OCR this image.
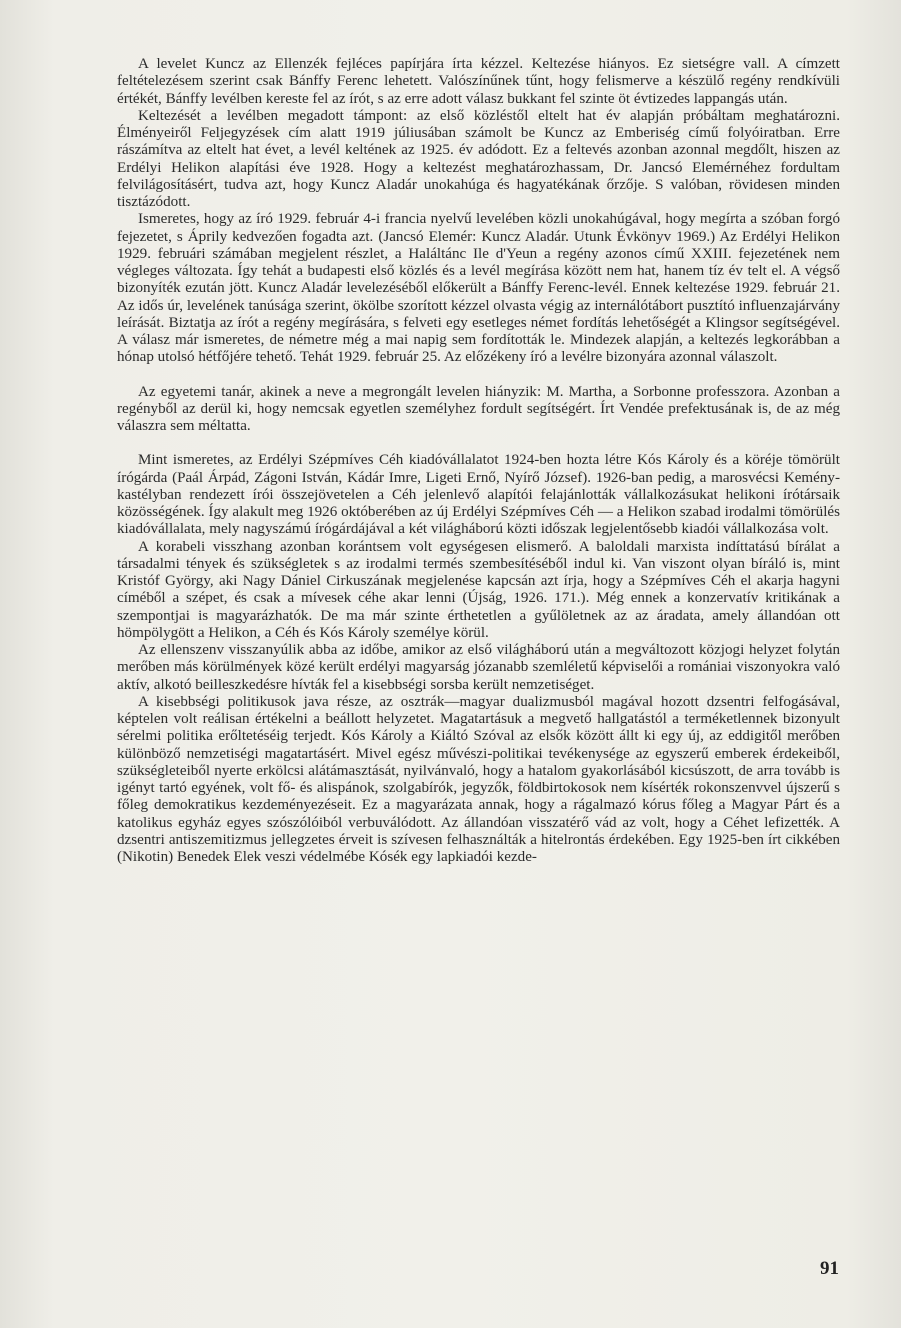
A levelet Kuncz az Ellenzék fejléces papírjára írta kézzel. Keltezése hiányos. Ez sietségre vall. A címzett feltételezésem szerint csak Bánffy Ferenc lehetett. Valószínűnek tűnt, hogy felismerve a készülő regény rendkívüli értékét, Bánffy levélben kereste fel az írót, s az erre adott válasz bukkant fel szinte öt évtizedes lappangás után.

Keltezését a levélben megadott támpont: az első közléstől eltelt hat év alapján próbáltam meghatározni. Élményeiről Feljegyzések cím alatt 1919 júliusában számolt be Kuncz az Emberiség című folyóiratban. Erre rászámítva az eltelt hat évet, a levél keltének az 1925. év adódott. Ez a feltevés azonban azonnal megdőlt, hiszen az Erdélyi Helikon alapítási éve 1928. Hogy a keltezést meghatározhassam, Dr. Jancsó Elemérnéhez fordultam felvilágosításért, tudva azt, hogy Kuncz Aladár unokahúga és hagyatékának őrzője. S valóban, rövidesen minden tisztázódott.

Ismeretes, hogy az író 1929. február 4-i francia nyelvű levelében közli unokahúgával, hogy megírta a szóban forgó fejezetet, s Áprily kedvezően fogadta azt. (Jancsó Elemér: Kuncz Aladár. Utunk Évkönyv 1969.) Az Erdélyi Helikon 1929. februári számában megjelent részlet, a Haláltánc Ile d'Yeun a regény azonos című XXIII. fejezetének nem végleges változata. Így tehát a budapesti első közlés és a levél megírása között nem hat, hanem tíz év telt el. A végső bizonyíték ezután jött. Kuncz Aladár levelezéséből előkerült a Bánffy Ferenc-levél. Ennek keltezése 1929. február 21. Az idős úr, levelének tanúsága szerint, ökölbe szorított kézzel olvasta végig az internálótábort pusztító influenzajárvány leírását. Biztatja az írót a regény megírására, s felveti egy esetleges német fordítás lehetőségét a Klingsor segítségével. A válasz már ismeretes, de németre még a mai napig sem fordították le. Mindezek alapján, a keltezés legkorábban a hónap utolsó hétfőjére tehető. Tehát 1929. február 25. Az előzékeny író a levélre bizonyára azonnal válaszolt.

Az egyetemi tanár, akinek a neve a megrongált levelen hiányzik: M. Martha, a Sorbonne professzora. Azonban a regényből az derül ki, hogy nemcsak egyetlen személyhez fordult segítségért. Írt Vendée prefektusának is, de az még válaszra sem méltatta.

Mint ismeretes, az Erdélyi Szépmíves Céh kiadóvállalatot 1924-ben hozta létre Kós Károly és a köréje tömörült írógárda (Paál Árpád, Zágoni István, Kádár Imre, Ligeti Ernő, Nyírő József). 1926-ban pedig, a marosvécsi Kemény-kastélyban rendezett írói összejövetelen a Céh jelenlevő alapítói felajánlották vállalkozásukat helikoni írótársaik közösségének. Így alakult meg 1926 októberében az új Erdélyi Szépmíves Céh — a Helikon szabad irodalmi tömörülés kiadóvállalata, mely nagyszámú írógárdájával a két világháború közti időszak legjelentősebb kiadói vállalkozása volt.

A korabeli visszhang azonban korántsem volt egységesen elismerő. A baloldali marxista indíttatású bírálat a társadalmi tények és szükségletek s az irodalmi termés szembesítéséből indul ki. Van viszont olyan bíráló is, mint Kristóf György, aki Nagy Dániel Cirkuszának megjelenése kapcsán azt írja, hogy a Szépmíves Céh el akarja hagyni címéből a szépet, és csak a mívesek céhe akar lenni (Újság, 1926. 171.). Még ennek a konzervatív kritikának a szempontjai is magyarázhatók. De ma már szinte érthetetlen a gyűlöletnek az az áradata, amely állandóan ott hömpölygött a Helikon, a Céh és Kós Károly személye körül.

Az ellenszenv visszanyúlik abba az időbe, amikor az első világháború után a megváltozott közjogi helyzet folytán merőben más körülmények közé került erdélyi magyarság józanabb szemléletű képviselői a romániai viszonyokra való aktív, alkotó beilleszkedésre hívták fel a kisebbségi sorsba került nemzetiséget.

A kisebbségi politikusok java része, az osztrák—magyar dualizmusból magával hozott dzsentri felfogásával, képtelen volt reálisan értékelni a beállott helyzetet. Magatartásuk a megvető hallgatástól a terméketlennek bizonyult sérelmi politika erőltetéséig terjedt. Kós Károly a Kiáltó Szóval az elsők között állt ki egy új, az eddigitől merőben különböző nemzetiségi magatartásért. Mivel egész művészi-politikai tevékenysége az egyszerű emberek érdekeiből, szükségleteiből nyerte erkölcsi alátámasztását, nyilvánvaló, hogy a hatalom gyakorlásából kicsúszott, de arra tovább is igényt tartó egyének, volt fő- és alispánok, szolgabírók, jegyzők, földbirtokosok nem kísérték rokonszenvvel újszerű s főleg demokratikus kezdeményezéseit. Ez a magyarázata annak, hogy a rágalmazó kórus főleg a Magyar Párt és a katolikus egyház egyes szószólóiból verbuválódott. Az állandóan visszatérő vád az volt, hogy a Céhet lefizették. A dzsentri antiszemitizmus jellegzetes érveit is szívesen felhasználták a hitelrontás érdekében. Egy 1925-ben írt cikkében (Nikotin) Benedek Elek veszi védelmébe Kósék egy lapkiadói kezde-

91
